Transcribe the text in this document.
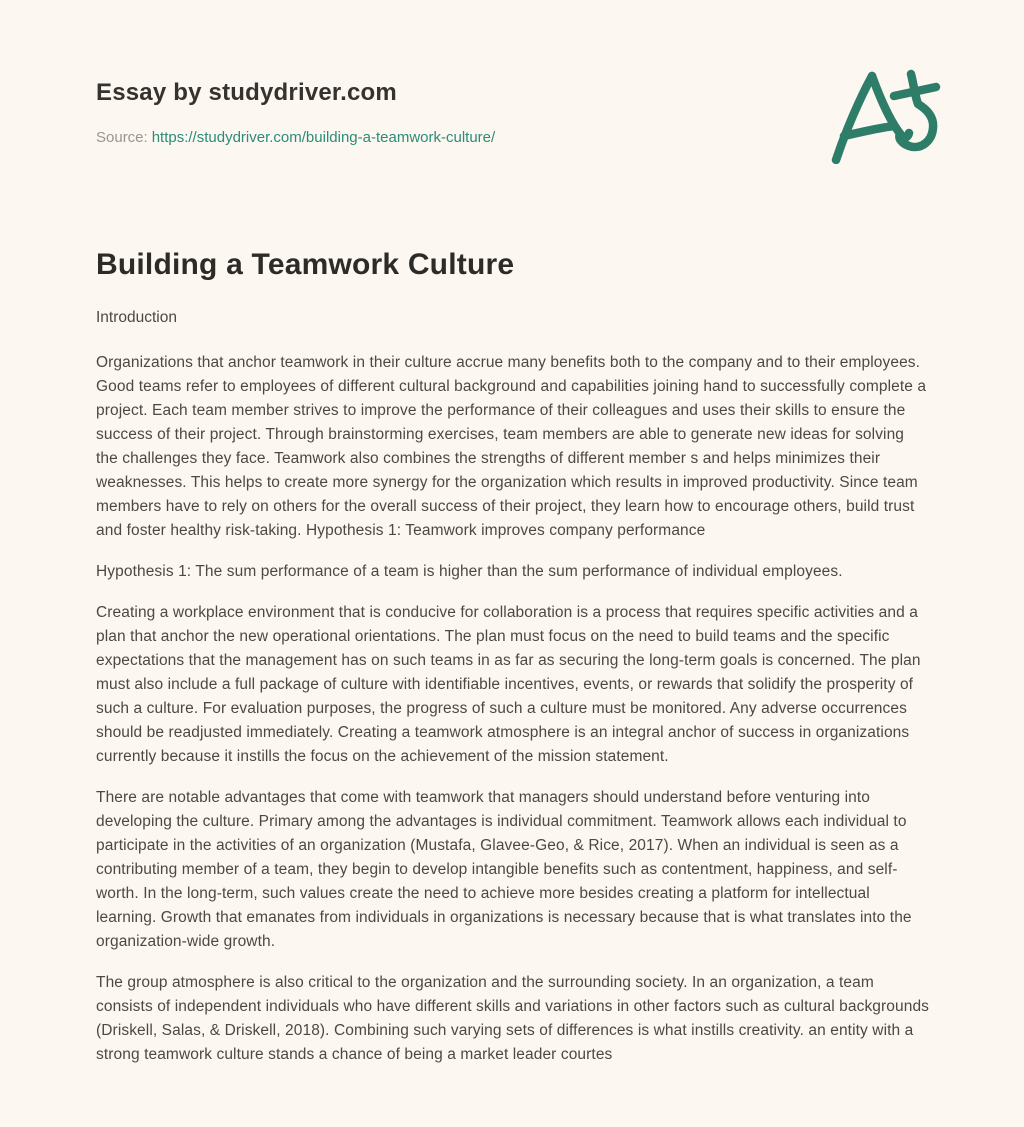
Essay by studydriver.com
Source: https://studydriver.com/building-a-teamwork-culture/
Building a Teamwork Culture
Introduction

Organizations that anchor teamwork in their culture accrue many benefits both to the company and to their employees. Good teams refer to employees of different cultural background and capabilities joining hand to successfully complete a project. Each team member strives to improve the performance of their colleagues and uses their skills to ensure the success of their project. Through brainstorming exercises, team members are able to generate new ideas for solving the challenges they face. Teamwork also combines the strengths of different member s and helps minimizes their weaknesses. This helps to create more synergy for the organization which results in improved productivity. Since team members have to rely on others for the overall success of their project, they learn how to encourage others, build trust and foster healthy risk-taking. Hypothesis 1: Teamwork improves company performance

Hypothesis 1: The sum performance of a team is higher than the sum performance of individual employees.

Creating a workplace environment that is conducive for collaboration is a process that requires specific activities and a plan that anchor the new operational orientations. The plan must focus on the need to build teams and the specific expectations that the management has on such teams in as far as securing the long-term goals is concerned. The plan must also include a full package of culture with identifiable incentives, events, or rewards that solidify the prosperity of such a culture. For evaluation purposes, the progress of such a culture must be monitored. Any adverse occurrences should be readjusted immediately. Creating a teamwork atmosphere is an integral anchor of success in organizations currently because it instills the focus on the achievement of the mission statement.

There are notable advantages that come with teamwork that managers should understand before venturing into developing the culture. Primary among the advantages is individual commitment. Teamwork allows each individual to participate in the activities of an organization (Mustafa, Glavee-Geo, & Rice, 2017). When an individual is seen as a contributing member of a team, they begin to develop intangible benefits such as contentment, happiness, and self-worth. In the long-term, such values create the need to achieve more besides creating a platform for intellectual learning. Growth that emanates from individuals in organizations is necessary because that is what translates into the organization-wide growth.

The group atmosphere is also critical to the organization and the surrounding society. In an organization, a team consists of independent individuals who have different skills and variations in other factors such as cultural backgrounds (Driskell, Salas, & Driskell, 2018). Combining such varying sets of differences is what instills creativity. an entity with a strong teamwork culture stands a chance of being a market leader courtes
